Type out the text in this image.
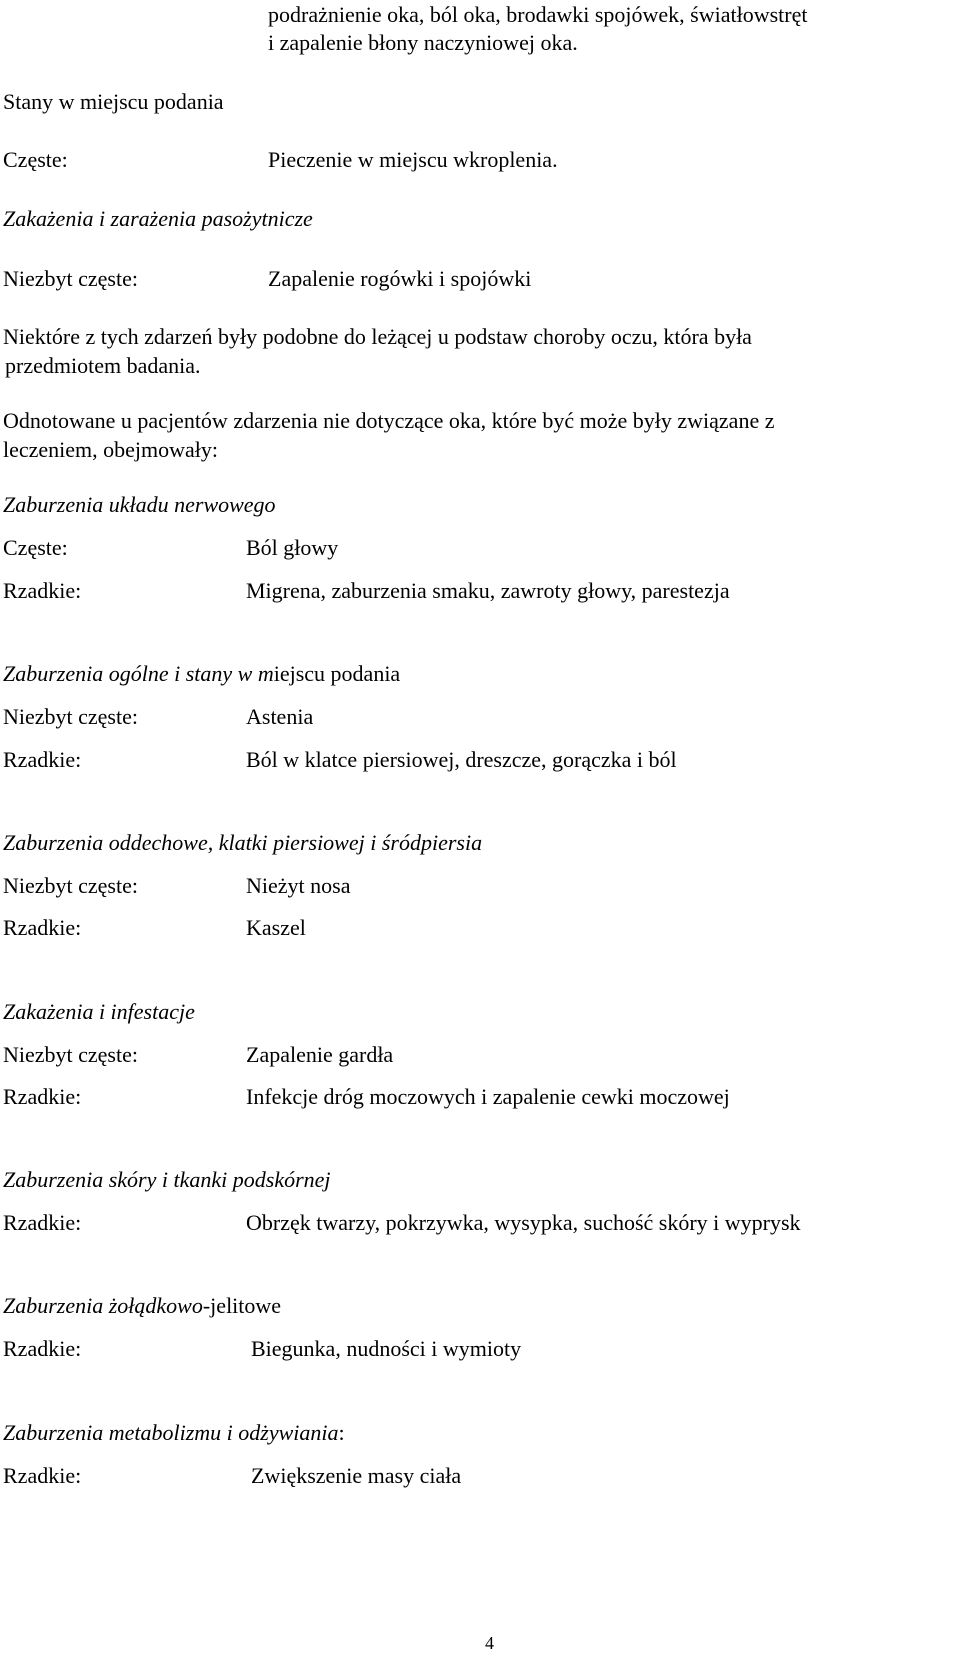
podrażnienie oka, ból oka, brodawki spojówek, światłowstręt
i zapalenie błony naczyniowej oka.
Stany w miejscu podania
Częste:	Pieczenie w miejscu wkroplenia.
Zakażenia i zarażenia pasożytnicze
Niezbyt częste:	Zapalenie rogówki i spojówki
Niektóre z tych zdarzeń były podobne do leżącej u podstaw choroby oczu, która była
przedmiotem badania.
Odnotowane u pacjentów zdarzenia nie dotyczące oka, które być może były związane z
leczeniem, obejmowały:
Zaburzenia układu nerwowego
Częste:	Ból głowy
Rzadkie:	Migrena, zaburzenia smaku, zawroty głowy, parestezja
Zaburzenia ogólne i stany w miejscu podania
Niezbyt częste:	Astenia
Rzadkie:	Ból w klatce piersiowej, dreszcze, gorączka i ból
Zaburzenia oddechowe, klatki piersiowej i śródpiersia
Niezbyt częste:	Nieżyt nosa
Rzadkie:	Kaszel
Zakażenia i infestacje
Niezbyt częste:	Zapalenie gardła
Rzadkie:	Infekcje dróg moczowych i zapalenie cewki moczowej
Zaburzenia skóry i tkanki podskórnej
Rzadkie:	Obrzęk twarzy, pokrzywka, wysypka, suchość skóry i wyprysk
Zaburzenia żołądkowo-jelitowe
Rzadkie:	Biegunka, nudności i wymioty
Zaburzenia metabolizmu i odżywiania:
Rzadkie:	Zwiększenie masy ciała
4
